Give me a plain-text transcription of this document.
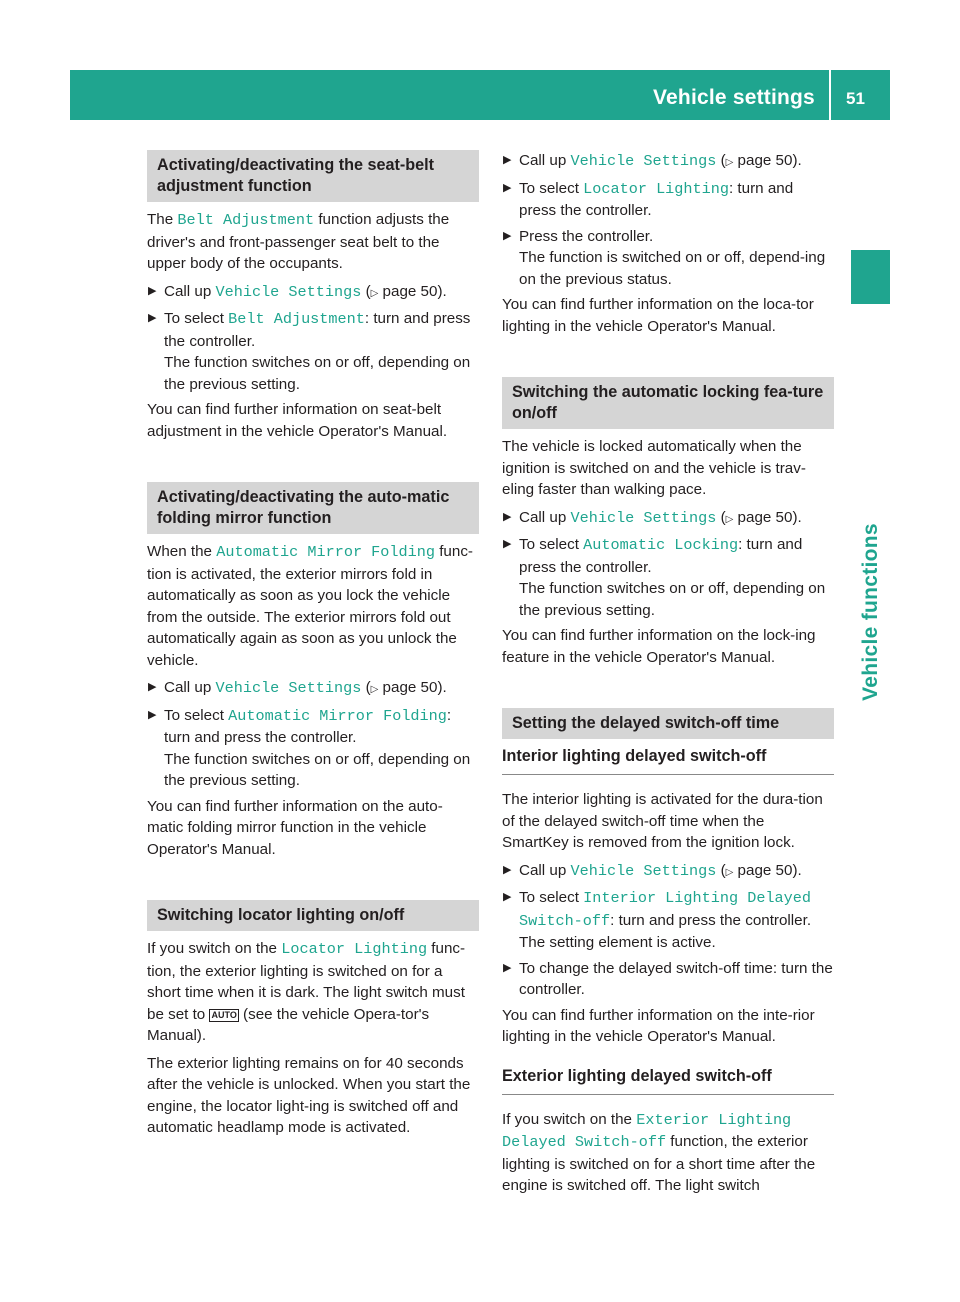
Vehicle settings 51
Vehicle functions
Activating/deactivating the seat-belt adjustment function

The Belt Adjustment function adjusts the driver's and front-passenger seat belt to the upper body of the occupants.

▶ Call up Vehicle Settings (▷ page 50).
▶ To select Belt Adjustment: turn and press the controller.
The function switches on or off, depending on the previous setting.

You can find further information on seat-belt adjustment in the vehicle Operator's Manual.

Activating/deactivating the auto-matic folding mirror function

When the Automatic Mirror Folding func-tion is activated, the exterior mirrors fold in automatically as soon as you lock the vehicle from the outside. The exterior mirrors fold out automatically again as soon as you unlock the vehicle.

▶ Call up Vehicle Settings (▷ page 50).
▶ To select Automatic Mirror Folding: turn and press the controller.
The function switches on or off, depending on the previous setting.

You can find further information on the auto-matic folding mirror function in the vehicle Operator's Manual.

Switching locator lighting on/off

If you switch on the Locator Lighting func-tion, the exterior lighting is switched on for a short time when it is dark. The light switch must be set to AUTO (see the vehicle Opera-tor's Manual).

The exterior lighting remains on for 40 seconds after the vehicle is unlocked. When you start the engine, the locator light-ing is switched off and automatic headlamp mode is activated.

▶ Call up Vehicle Settings (▷ page 50).
▶ To select Locator Lighting: turn and press the controller.
▶ Press the controller.
The function is switched on or off, depend-ing on the previous status.

You can find further information on the loca-tor lighting in the vehicle Operator's Manual.

Switching the automatic locking fea-ture on/off

The vehicle is locked automatically when the ignition is switched on and the vehicle is trav-eling faster than walking pace.

▶ Call up Vehicle Settings (▷ page 50).
▶ To select Automatic Locking: turn and press the controller.
The function switches on or off, depending on the previous setting.

You can find further information on the lock-ing feature in the vehicle Operator's Manual.

Setting the delayed switch-off time
Interior lighting delayed switch-off

The interior lighting is activated for the dura-tion of the delayed switch-off time when the SmartKey is removed from the ignition lock.

▶ Call up Vehicle Settings (▷ page 50).
▶ To select Interior Lighting Delayed Switch-off: turn and press the controller.
The setting element is active.
▶ To change the delayed switch-off time: turn the controller.

You can find further information on the inte-rior lighting in the vehicle Operator's Manual.

Exterior lighting delayed switch-off

If you switch on the Exterior Lighting Delayed Switch-off function, the exterior lighting is switched on for a short time after the engine is switched off. The light switch
